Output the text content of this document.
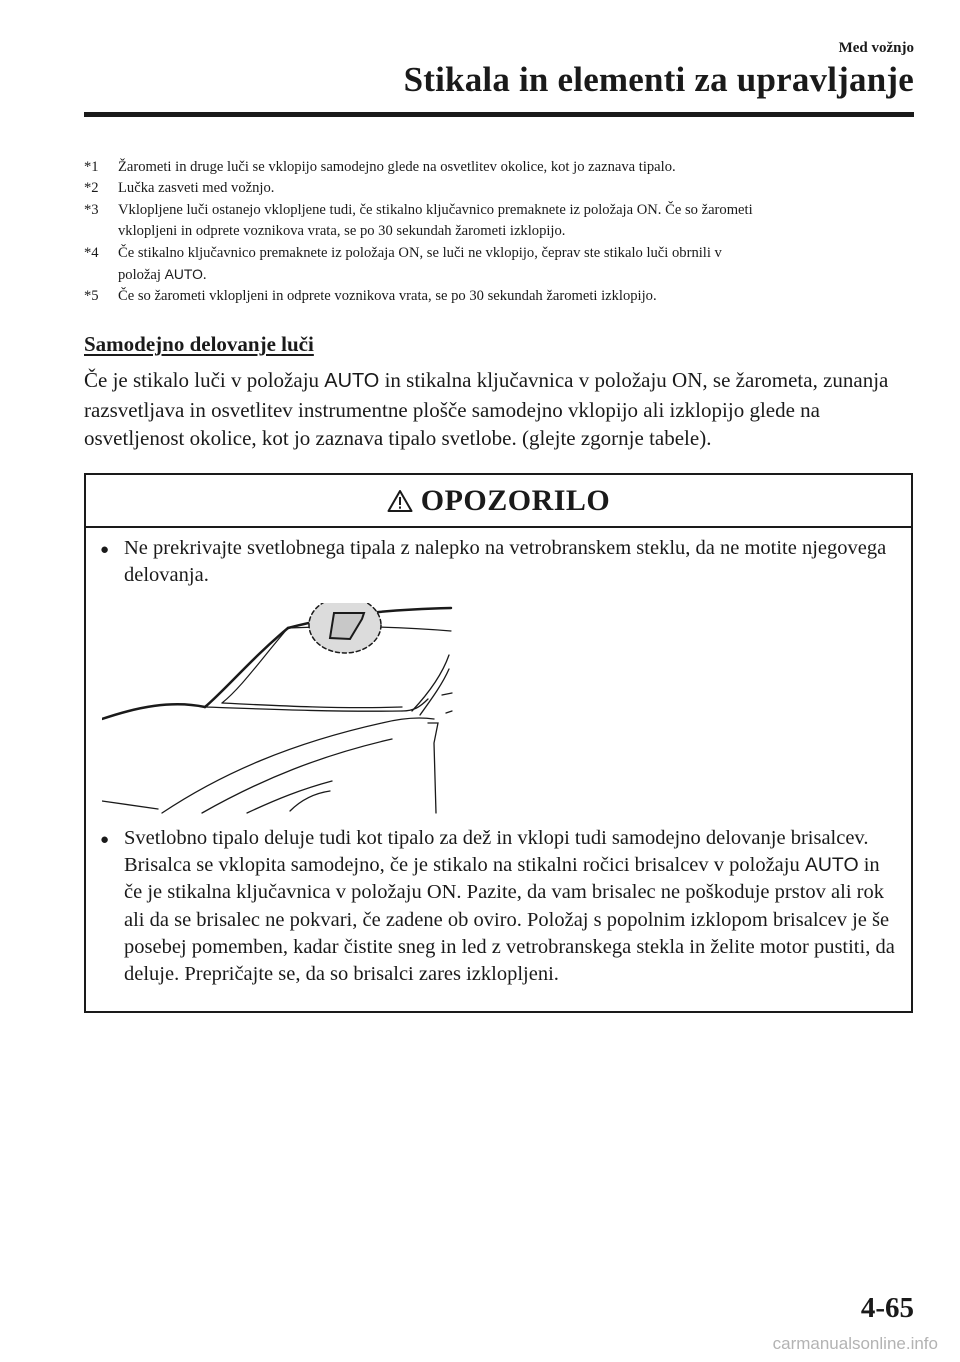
Med vožnjo
Stikala in elementi za upravljanje
*1	Žarometi in druge luči se vklopijo samodejno glede na osvetlitev okolice, kot jo zaznava tipalo.
*2	Lučka zasveti med vožnjo.
*3	Vklopljene luči ostanejo vklopljene tudi, če stikalno ključavnico premaknete iz položaja ON. Če so žarometi
vklopljeni in odprete voznikova vrata, se po 30 sekundah žarometi izklopijo.
*4	Če stikalno ključavnico premaknete iz položaja ON, se luči ne vklopijo, čeprav ste stikalo luči obrnili v
položaj AUTO.
*5	Če so žarometi vklopljeni in odprete voznikova vrata, se po 30 sekundah žarometi izklopijo.
Samodejno delovanje luči
Če je stikalo luči v položaju AUTO in stikalna ključavnica v položaju ON, se žarometa, zunanja razsvetljava in osvetlitev instrumentne plošče samodejno vklopijo ali izklopijo glede na osvetljenost okolice, kot jo zaznava tipalo svetlobe. (glejte zgornje tabele).
OPOZORILO
● Ne prekrivajte svetlobnega tipala z nalepko na vetrobranskem steklu, da ne motite njegovega delovanja.
● Svetlobno tipalo deluje tudi kot tipalo za dež in vklopi tudi samodejno delovanje brisalcev. Brisalca se vklopita samodejno, če je stikalo na stikalni ročici brisalcev v položaju AUTO in če je stikalna ključavnica v položaju ON. Pazite, da vam brisalec ne poškoduje prstov ali rok ali da se brisalec ne pokvari, če zadene ob oviro. Položaj s popolnim izklopom brisalcev je še posebej pomemben, kadar čistite sneg in led z vetrobranskega stekla in želite motor pustiti, da deluje. Prepričajte se, da so brisalci zares izklopljeni.
4-65
carmanualsonline.info
